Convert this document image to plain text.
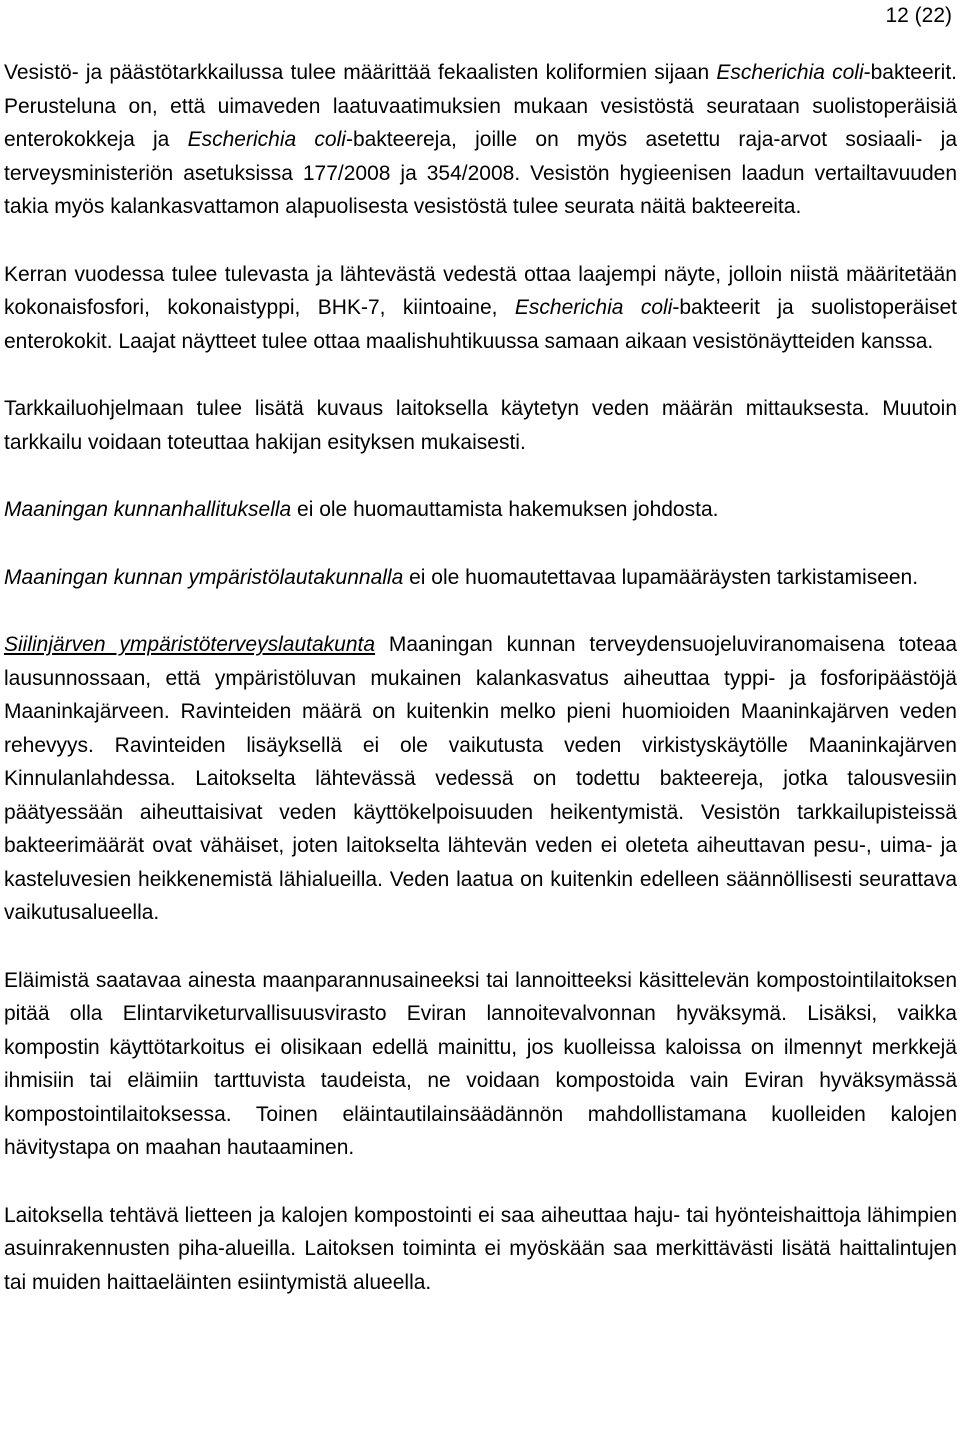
12 (22)

Vesistö- ja päästötarkkailussa tulee määrittää fekaalisten koliformien sijaan Escherichia coli-bakteerit. Perusteluna on, että uimaveden laatuvaatimuksien mukaan vesistöstä seurataan suolistoperäisiä enterokokkeja ja Escherichia coli-bakteereja, joille on myös asetettu raja-arvot sosiaali- ja terveysministeriön asetuksissa 177/2008 ja 354/2008. Vesistön hygieenisen laadun vertailtavuuden takia myös kalankasvattamon alapuolisesta vesistöstä tulee seurata näitä bakteereita.

Kerran vuodessa tulee tulevasta ja lähtevästä vedestä ottaa laajempi näyte, jolloin niistä määritetään kokonaisfosfori, kokonaistyppi, BHK-7, kiintoaine, Escherichia coli-bakteerit ja suolistoperäiset enterokokit. Laajat näytteet tulee ottaa maalishuhtikuussa samaan aikaan vesistönäytteiden kanssa.

Tarkkailuohjelmaan tulee lisätä kuvaus laitoksella käytetyn veden määrän mittauksesta. Muutoin tarkkailu voidaan toteuttaa hakijan esityksen mukaisesti.

Maaningan kunnanhallituksella ei ole huomauttamista hakemuksen johdosta.

Maaningan kunnan ympäristölautakunnalla ei ole huomautettavaa lupamääräysten tarkistamiseen.

Siilinjärven ympäristöterveyslautakunta Maaningan kunnan terveydensuojeluviranomaisena toteaa lausunnossaan, että ympäristöluvan mukainen kalankasvatus aiheuttaa typpi- ja fosforipäästöjä Maaninkajärveen. Ravinteiden määrä on kuitenkin melko pieni huomioiden Maaninkajärven veden rehevyys. Ravinteiden lisäyksellä ei ole vaikutusta veden virkistyskäytölle Maaninkajärven Kinnulanlahdessa. Laitokselta lähtevässä vedessä on todettu bakteereja, jotka talousvesiin päätyessään aiheuttaisivat veden käyttökelpoisuuden heikentymistä. Vesistön tarkkailupisteissä bakteerimäärät ovat vähäiset, joten laitokselta lähtevän veden ei oleteta aiheuttavan pesu-, uima- ja kasteluvesien heikkenemistä lähialueilla. Veden laatua on kuitenkin edelleen säännöllisesti seurattava vaikutusalueella.

Eläimistä saatavaa ainesta maanparannusaineeksi tai lannoitteeksi käsittelevän kompostointilaitoksen pitää olla Elintarviketurvallisuusvirasto Eviran lannoitevalvonnan hyväksymä. Lisäksi, vaikka kompostin käyttötarkoitus ei olisikaan edellä mainittu, jos kuolleissa kaloissa on ilmennyt merkkejä ihmisiin tai eläimiin tarttuvista taudeista, ne voidaan kompostoida vain Eviran hyväksymässä kompostointilaitoksessa. Toinen eläintautilainsäädännön mahdollistamana kuolleiden kalojen hävitystapa on maahan hautaaminen.

Laitoksella tehtävä lietteen ja kalojen kompostointi ei saa aiheuttaa haju- tai hyönteishaittoja lähimpien asuinrakennusten piha-alueilla. Laitoksen toiminta ei myöskään saa merkittävästi lisätä haittalintujen tai muiden haittaeläinten esiintymistä alueella.
